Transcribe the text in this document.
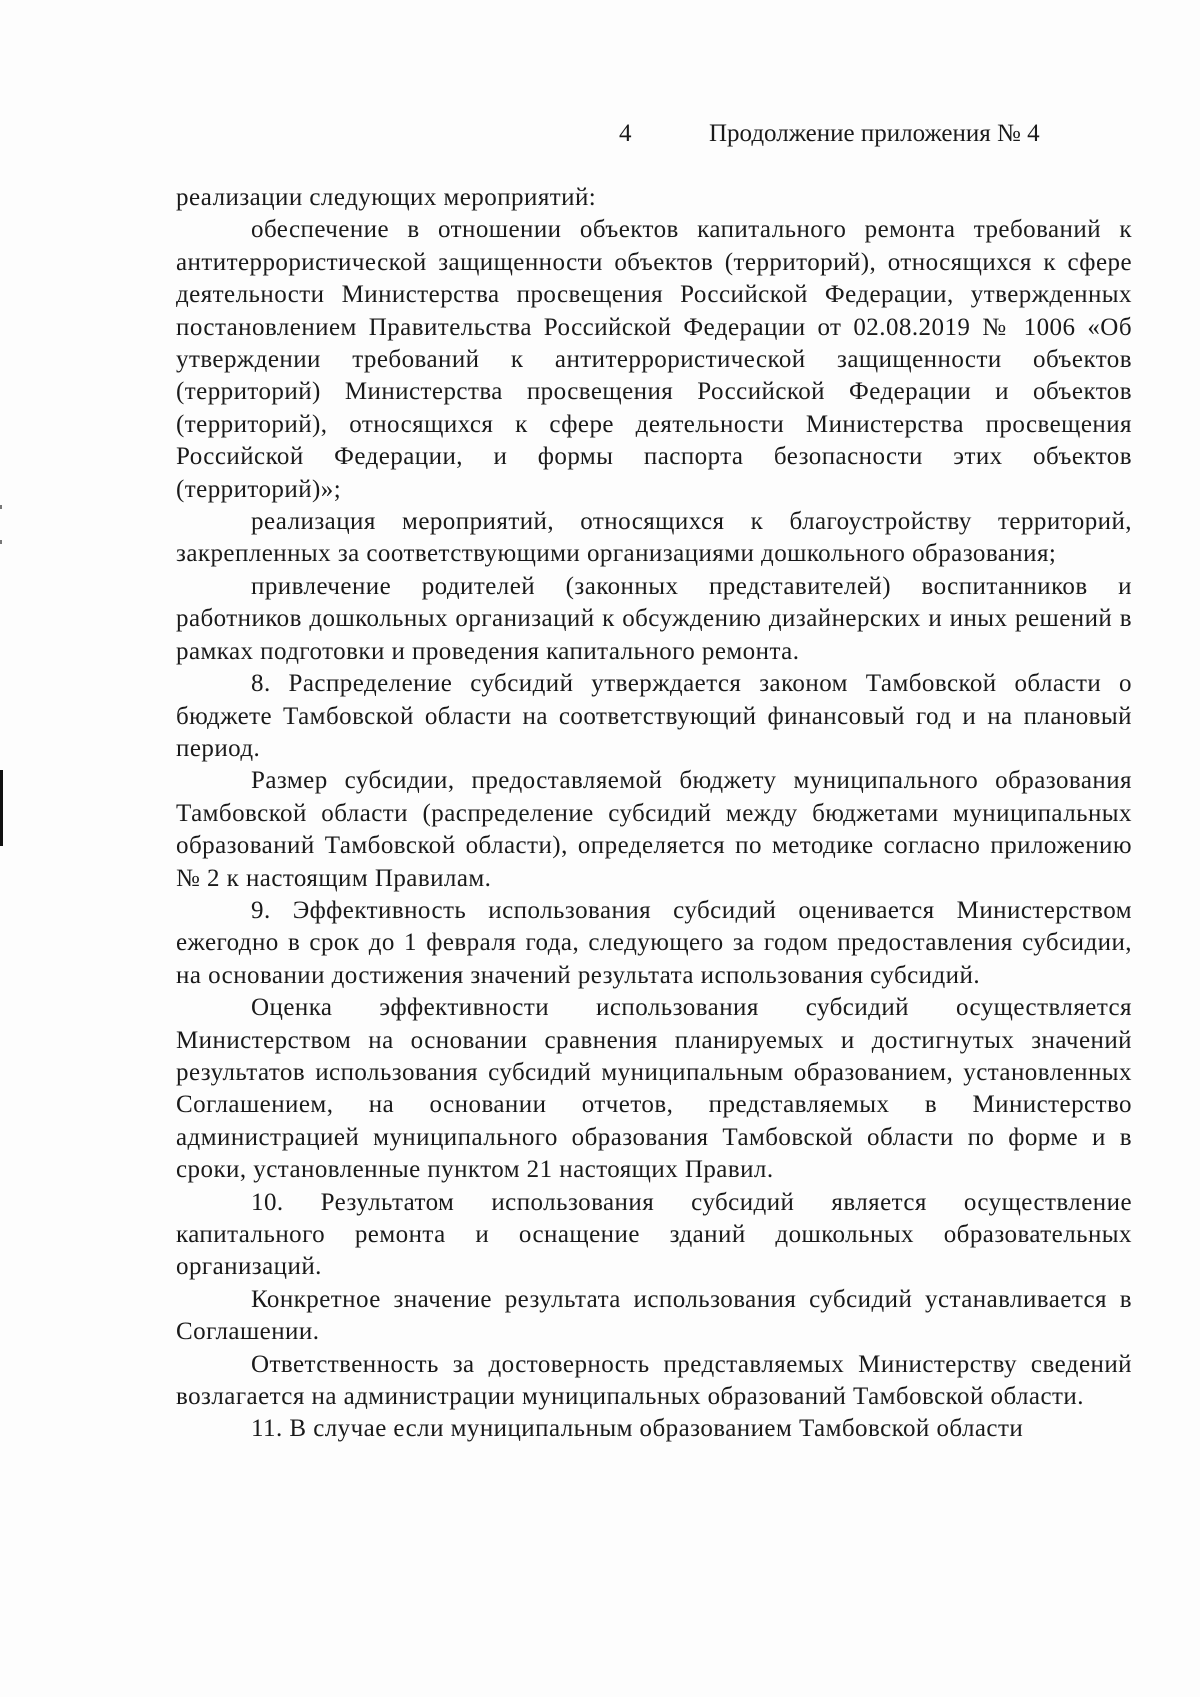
4	Продолжение приложения № 4

реализации следующих мероприятий:

обеспечение в отношении объектов капитального ремонта требований к антитеррористической защищенности объектов (территорий), относящихся к сфере деятельности Министерства просвещения Российской Федерации, утвержденных постановлением Правительства Российской Федерации от 02.08.2019 № 1006 «Об утверждении требований к антитеррористической защищенности объектов (территорий) Министерства просвещения Российской Федерации и объектов (территорий), относящихся к сфере деятельности Министерства просвещения Российской Федерации, и формы паспорта безопасности этих объектов (территорий)»;

реализация мероприятий, относящихся к благоустройству территорий, закрепленных за соответствующими организациями дошкольного образования;

привлечение родителей (законных представителей) воспитанников и работников дошкольных организаций к обсуждению дизайнерских и иных решений в рамках подготовки и проведения капитального ремонта.

8. Распределение субсидий утверждается законом Тамбовской области о бюджете Тамбовской области на соответствующий финансовый год и на плановый период.

Размер субсидии, предоставляемой бюджету муниципального образования Тамбовской области (распределение субсидий между бюджетами муниципальных образований Тамбовской области), определяется по методике согласно приложению № 2 к настоящим Правилам.

9. Эффективность использования субсидий оценивается Министерством ежегодно в срок до 1 февраля года, следующего за годом предоставления субсидии, на основании достижения значений результата использования субсидий.

Оценка эффективности использования субсидий осуществляется Министерством на основании сравнения планируемых и достигнутых значений результатов использования субсидий муниципальным образованием, установленных Соглашением, на основании отчетов, представляемых в Министерство администрацией муниципального образования Тамбовской области по форме и в сроки, установленные пунктом 21 настоящих Правил.

10. Результатом использования субсидий является осуществление капитального ремонта и оснащение зданий дошкольных образовательных организаций.

Конкретное значение результата использования субсидий устанавливается в Соглашении.

Ответственность за достоверность представляемых Министерству сведений возлагается на администрации муниципальных образований Тамбовской области.

11. В случае если муниципальным образованием Тамбовской области
